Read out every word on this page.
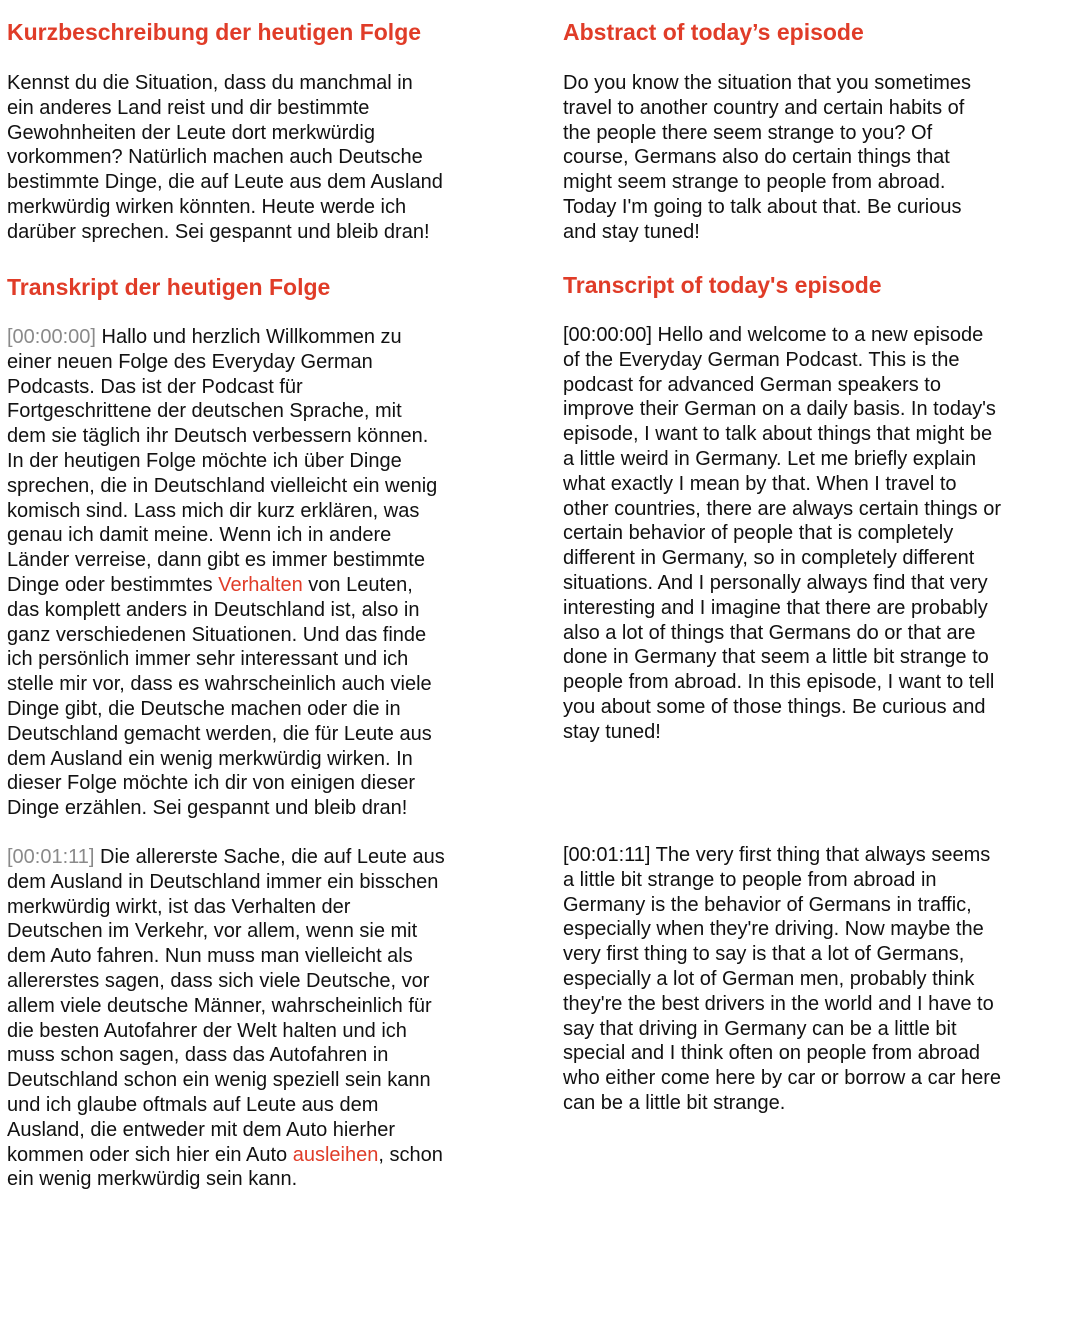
Kurzbeschreibung der heutigen Folge

Kennst du die Situation, dass du manchmal in
ein anderes Land reist und dir bestimmte
Gewohnheiten der Leute dort merkwürdig
vorkommen? Natürlich machen auch Deutsche
bestimmte Dinge, die auf Leute aus dem Ausland
merkwürdig wirken könnten. Heute werde ich
darüber sprechen. Sei gespannt und bleib dran!

Transkript der heutigen Folge

[00:00:00] Hallo und herzlich Willkommen zu
einer neuen Folge des Everyday German
Podcasts. Das ist der Podcast für
Fortgeschrittene der deutschen Sprache, mit
dem sie täglich ihr Deutsch verbessern können.
In der heutigen Folge möchte ich über Dinge
sprechen, die in Deutschland vielleicht ein wenig
komisch sind. Lass mich dir kurz erklären, was
genau ich damit meine. Wenn ich in andere
Länder verreise, dann gibt es immer bestimmte
Dinge oder bestimmtes Verhalten von Leuten,
das komplett anders in Deutschland ist, also in
ganz verschiedenen Situationen. Und das finde
ich persönlich immer sehr interessant und ich
stelle mir vor, dass es wahrscheinlich auch viele
Dinge gibt, die Deutsche machen oder die in
Deutschland gemacht werden, die für Leute aus
dem Ausland ein wenig merkwürdig wirken. In
dieser Folge möchte ich dir von einigen dieser
Dinge erzählen. Sei gespannt und bleib dran!

[00:01:11] Die allererste Sache, die auf Leute aus
dem Ausland in Deutschland immer ein bisschen
merkwürdig wirkt, ist das Verhalten der
Deutschen im Verkehr, vor allem, wenn sie mit
dem Auto fahren. Nun muss man vielleicht als
allererstes sagen, dass sich viele Deutsche, vor
allem viele deutsche Männer, wahrscheinlich für
die besten Autofahrer der Welt halten und ich
muss schon sagen, dass das Autofahren in
Deutschland schon ein wenig speziell sein kann
und ich glaube oftmals auf Leute aus dem
Ausland, die entweder mit dem Auto hierher
kommen oder sich hier ein Auto ausleihen, schon
ein wenig merkwürdig sein kann.

Abstract of today’s episode

Do you know the situation that you sometimes
travel to another country and certain habits of
the people there seem strange to you? Of
course, Germans also do certain things that
might seem strange to people from abroad.
Today I'm going to talk about that. Be curious
and stay tuned!

Transcript of today's episode

[00:00:00] Hello and welcome to a new episode
of the Everyday German Podcast. This is the
podcast for advanced German speakers to
improve their German on a daily basis. In today's
episode, I want to talk about things that might be
a little weird in Germany. Let me briefly explain
what exactly I mean by that. When I travel to
other countries, there are always certain things or
certain behavior of people that is completely
different in Germany, so in completely different
situations. And I personally always find that very
interesting and I imagine that there are probably
also a lot of things that Germans do or that are
done in Germany that seem a little bit strange to
people from abroad. In this episode, I want to tell
you about some of those things. Be curious and
stay tuned!

[00:01:11] The very first thing that always seems
a little bit strange to people from abroad in
Germany is the behavior of Germans in traffic,
especially when they're driving. Now maybe the
very first thing to say is that a lot of Germans,
especially a lot of German men, probably think
they're the best drivers in the world and I have to
say that driving in Germany can be a little bit
special and I think often on people from abroad
who either come here by car or borrow a car here
can be a little bit strange.
